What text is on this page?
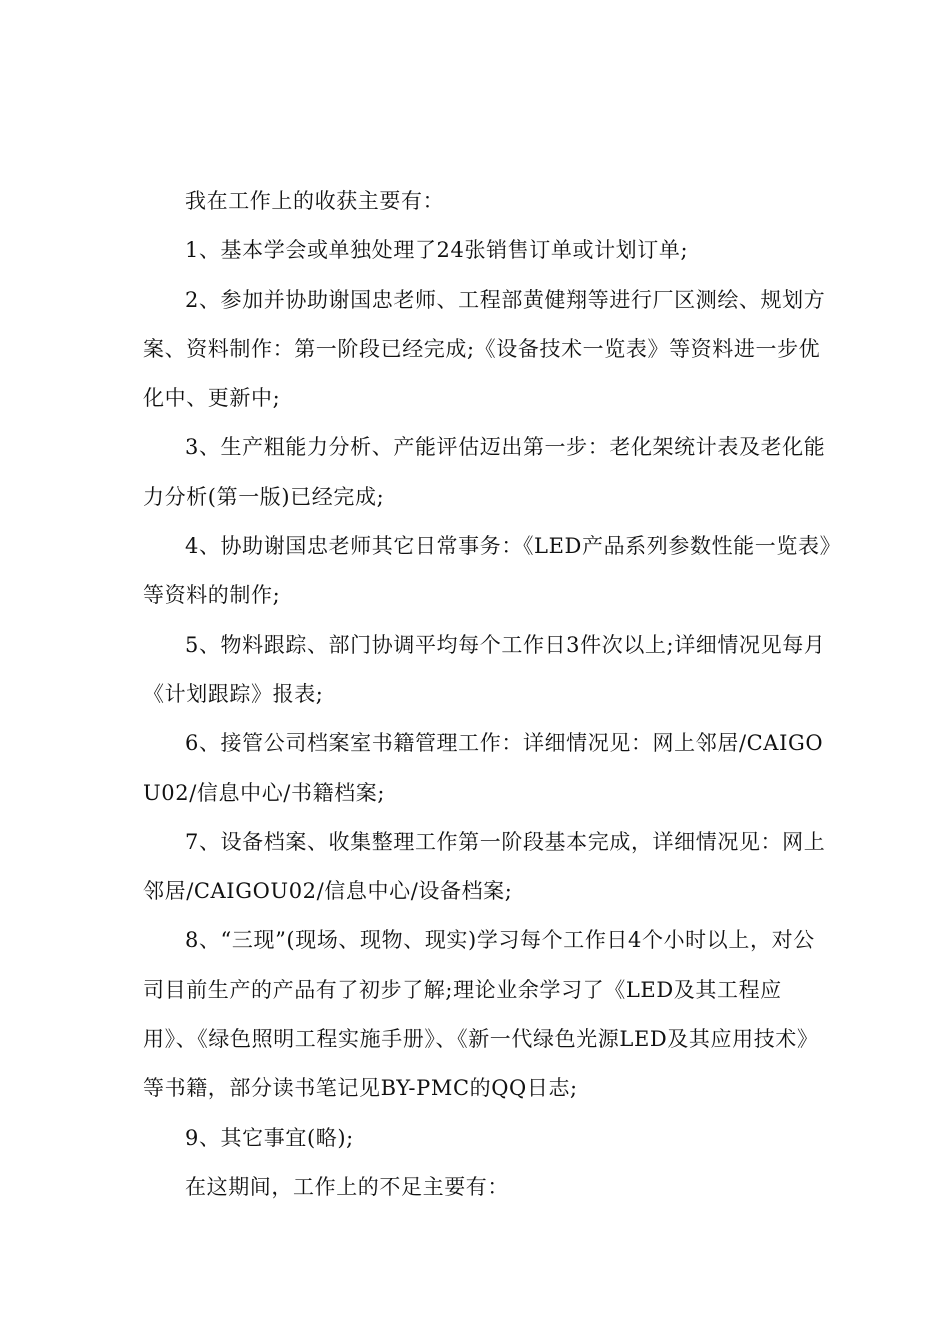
我在工作上的收获主要有：

1、基本学会或单独处理了24张销售订单或计划订单;

2、参加并协助谢国忠老师、工程部黄健翔等进行厂区测绘、规划方案、资料制作：第一阶段已经完成;《设备技术一览表》等资料进一步优化中、更新中;

3、生产粗能力分析、产能评估迈出第一步：老化架统计表及老化能力分析(第一版)已经完成;

4、协助谢国忠老师其它日常事务：《LED产品系列参数性能一览表》等资料的制作;

5、物料跟踪、部门协调平均每个工作日3件次以上;详细情况见每月《计划跟踪》报表;

6、接管公司档案室书籍管理工作：详细情况见：网上邻居/CAIGOU02/信息中心/书籍档案;

7、设备档案、收集整理工作第一阶段基本完成，详细情况见：网上邻居/CAIGOU02/信息中心/设备档案;

8、“三现”(现场、现物、现实)学习每个工作日4个小时以上，对公司目前生产的产品有了初步了解;理论业余学习了《LED及其工程应用》、《绿色照明工程实施手册》、《新一代绿色光源LED及其应用技术》等书籍，部分读书笔记见BY-PMC的QQ日志;

9、其它事宜(略);

在这期间，工作上的不足主要有：
